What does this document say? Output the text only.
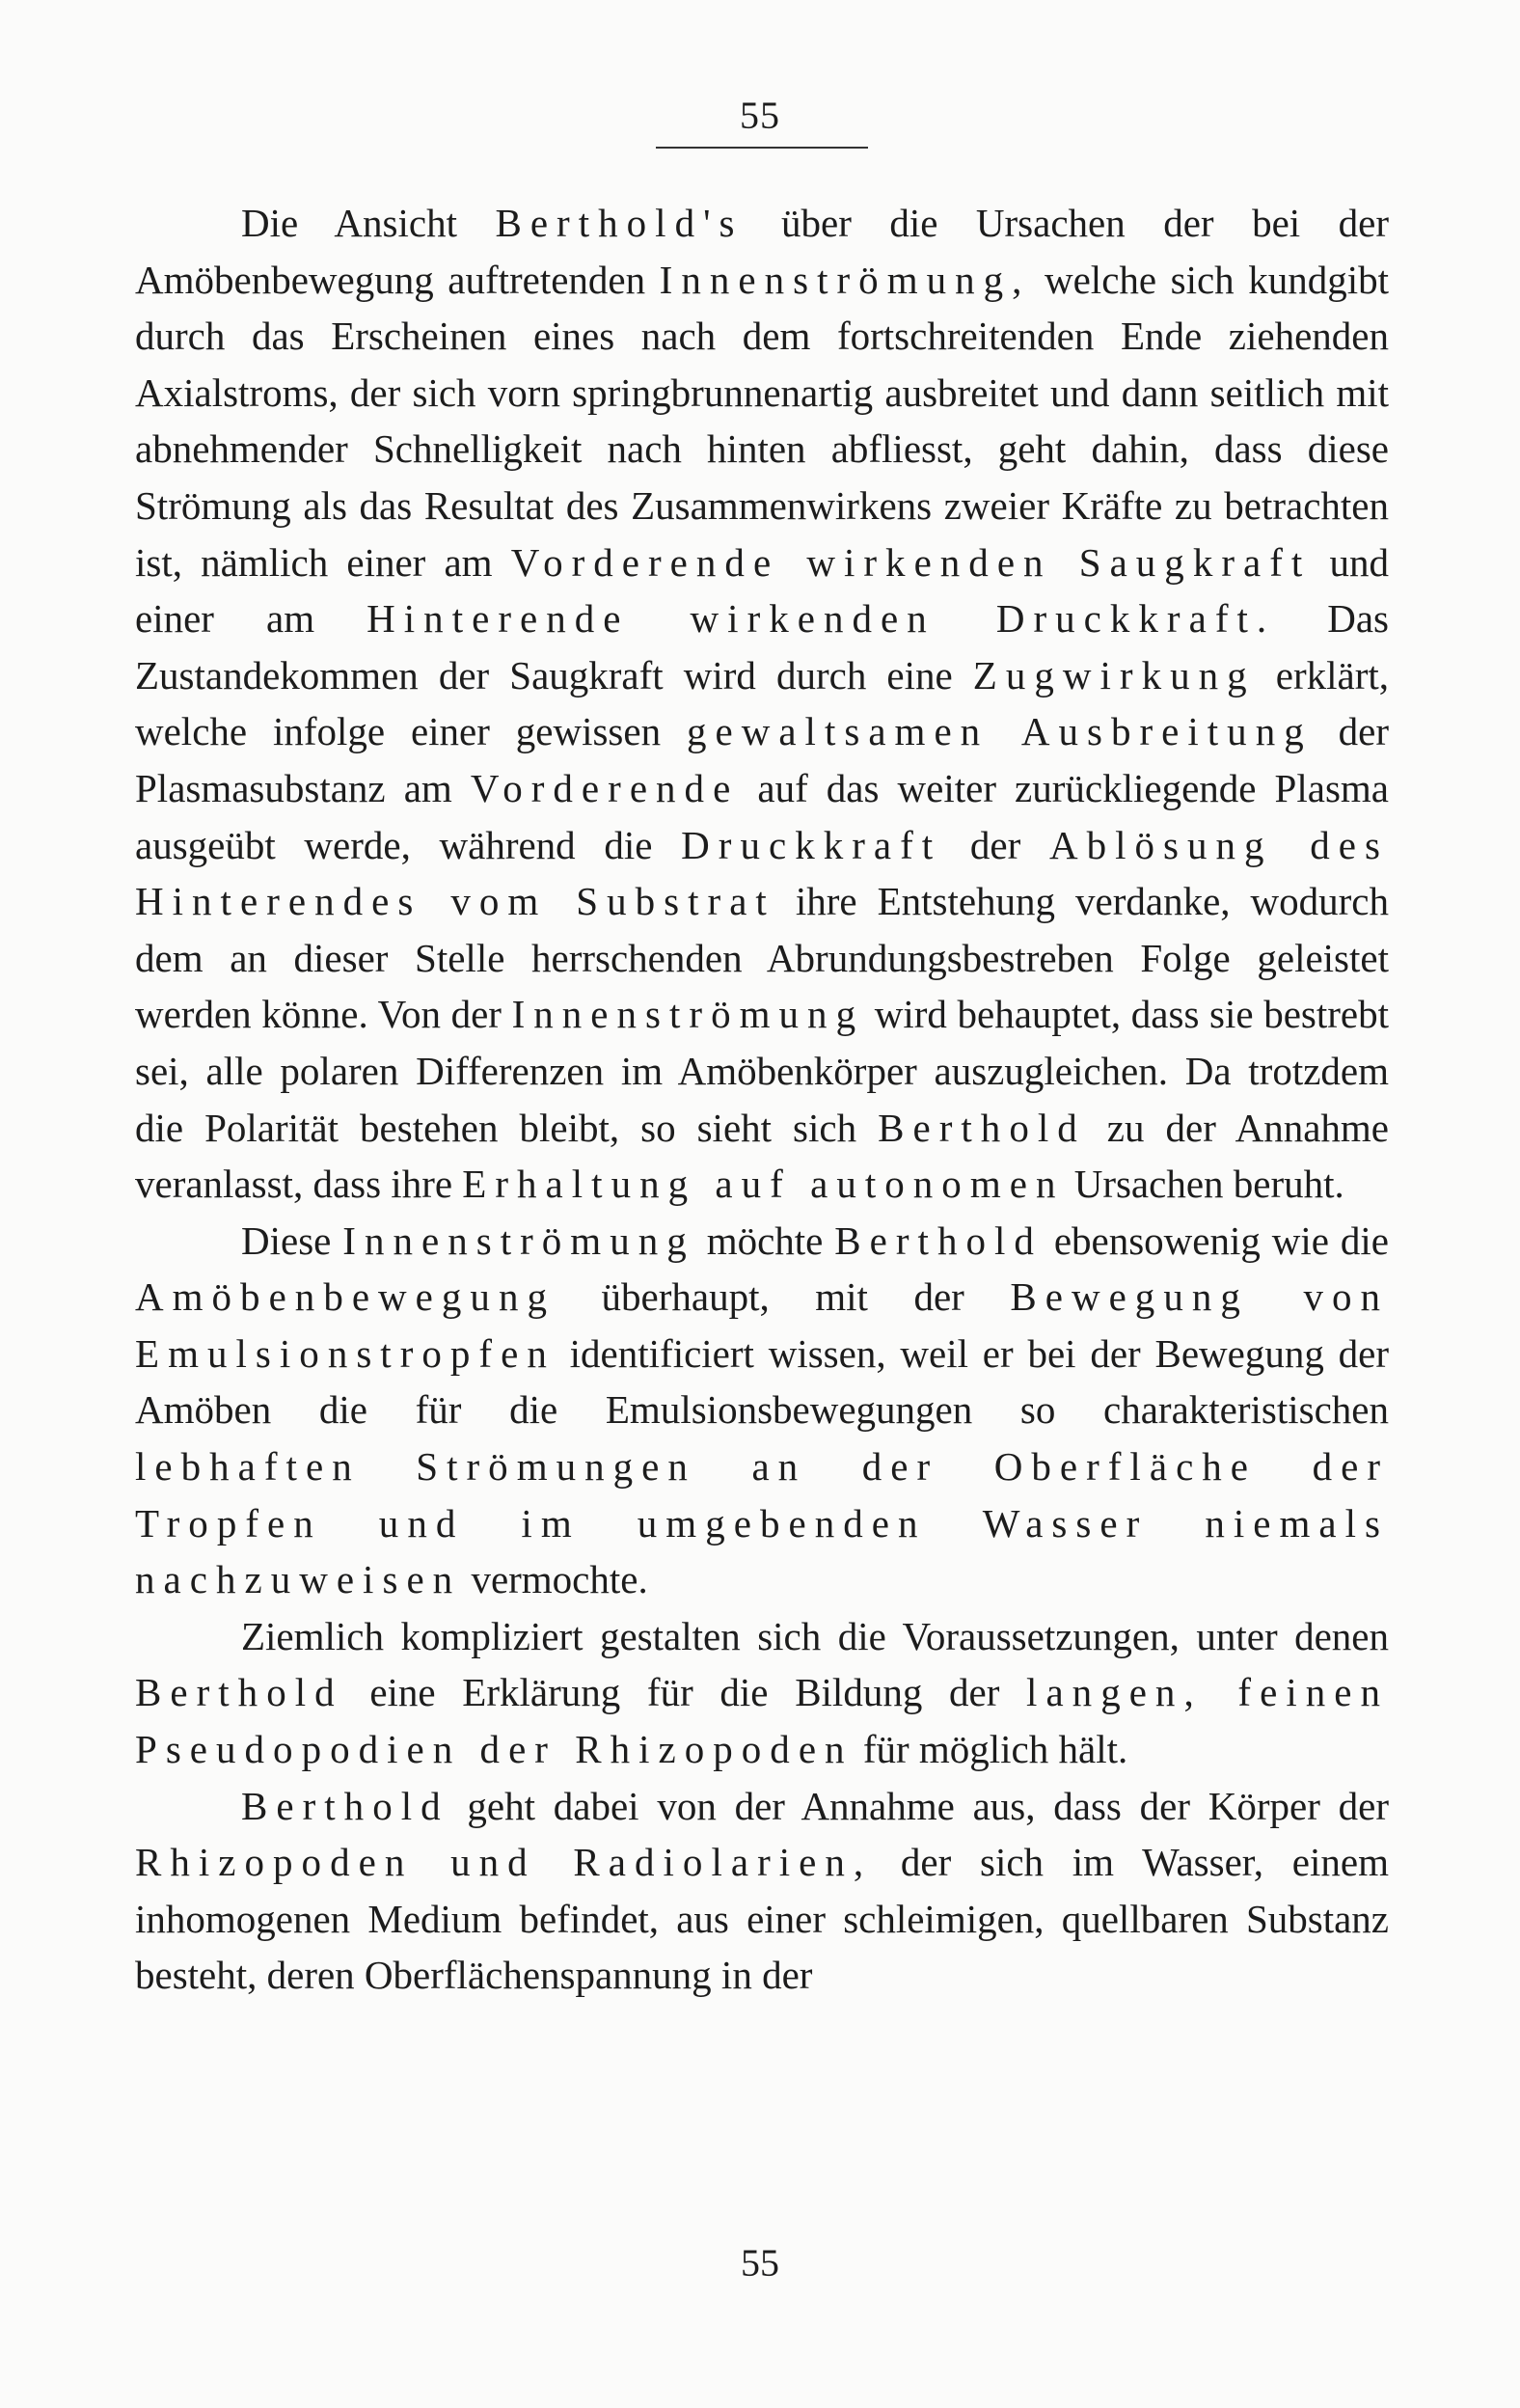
55

Die Ansicht Berthold's über die Ursachen der bei der Amöbenbewegung auftretenden Innenströmung, welche sich kundgibt durch das Erscheinen eines nach dem fortschreitenden Ende ziehenden Axialstroms, der sich vorn springbrunnenartig ausbreitet und dann seitlich mit abnehmender Schnelligkeit nach hinten abfliesst, geht dahin, dass diese Strömung als das Resultat des Zusammenwirkens zweier Kräfte zu betrachten ist, nämlich einer am Vorderende wirkenden Saugkraft und einer am Hinterende wirkenden Druckkraft. Das Zustandekommen der Saugkraft wird durch eine Zugwirkung erklärt, welche infolge einer gewissen gewaltsamen Ausbreitung der Plasmasubstanz am Vorderende auf das weiter zurückliegende Plasma ausgeübt werde, während die Druckkraft der Ablösung des Hinterendes vom Substrat ihre Entstehung verdanke, wodurch dem an dieser Stelle herrschenden Abrundungsbestreben Folge geleistet werden könne. Von der Innenströmung wird behauptet, dass sie bestrebt sei, alle polaren Differenzen im Amöbenkörper auszugleichen. Da trotzdem die Polarität bestehen bleibt, so sieht sich Berthold zu der Annahme veranlasst, dass ihre Erhaltung auf autonomen Ursachen beruht.

Diese Innenströmung möchte Berthold ebensowenig wie die Amöbenbewegung überhaupt, mit der Bewegung von Emulsionstropfen identificiert wissen, weil er bei der Bewegung der Amöben die für die Emulsionsbewegungen so charakteristischen lebhaften Strömungen an der Oberfläche der Tropfen und im umgebenden Wasser niemals nachzuweisen vermochte.

Ziemlich kompliziert gestalten sich die Voraussetzungen, unter denen Berthold eine Erklärung für die Bildung der langen, feinen Pseudopodien der Rhizopoden für möglich hält.

Berthold geht dabei von der Annahme aus, dass der Körper der Rhizopoden und Radiolarien, der sich im Wasser, einem inhomogenen Medium befindet, aus einer schleimigen, quellbaren Substanz besteht, deren Oberflächenspannung in der

55
